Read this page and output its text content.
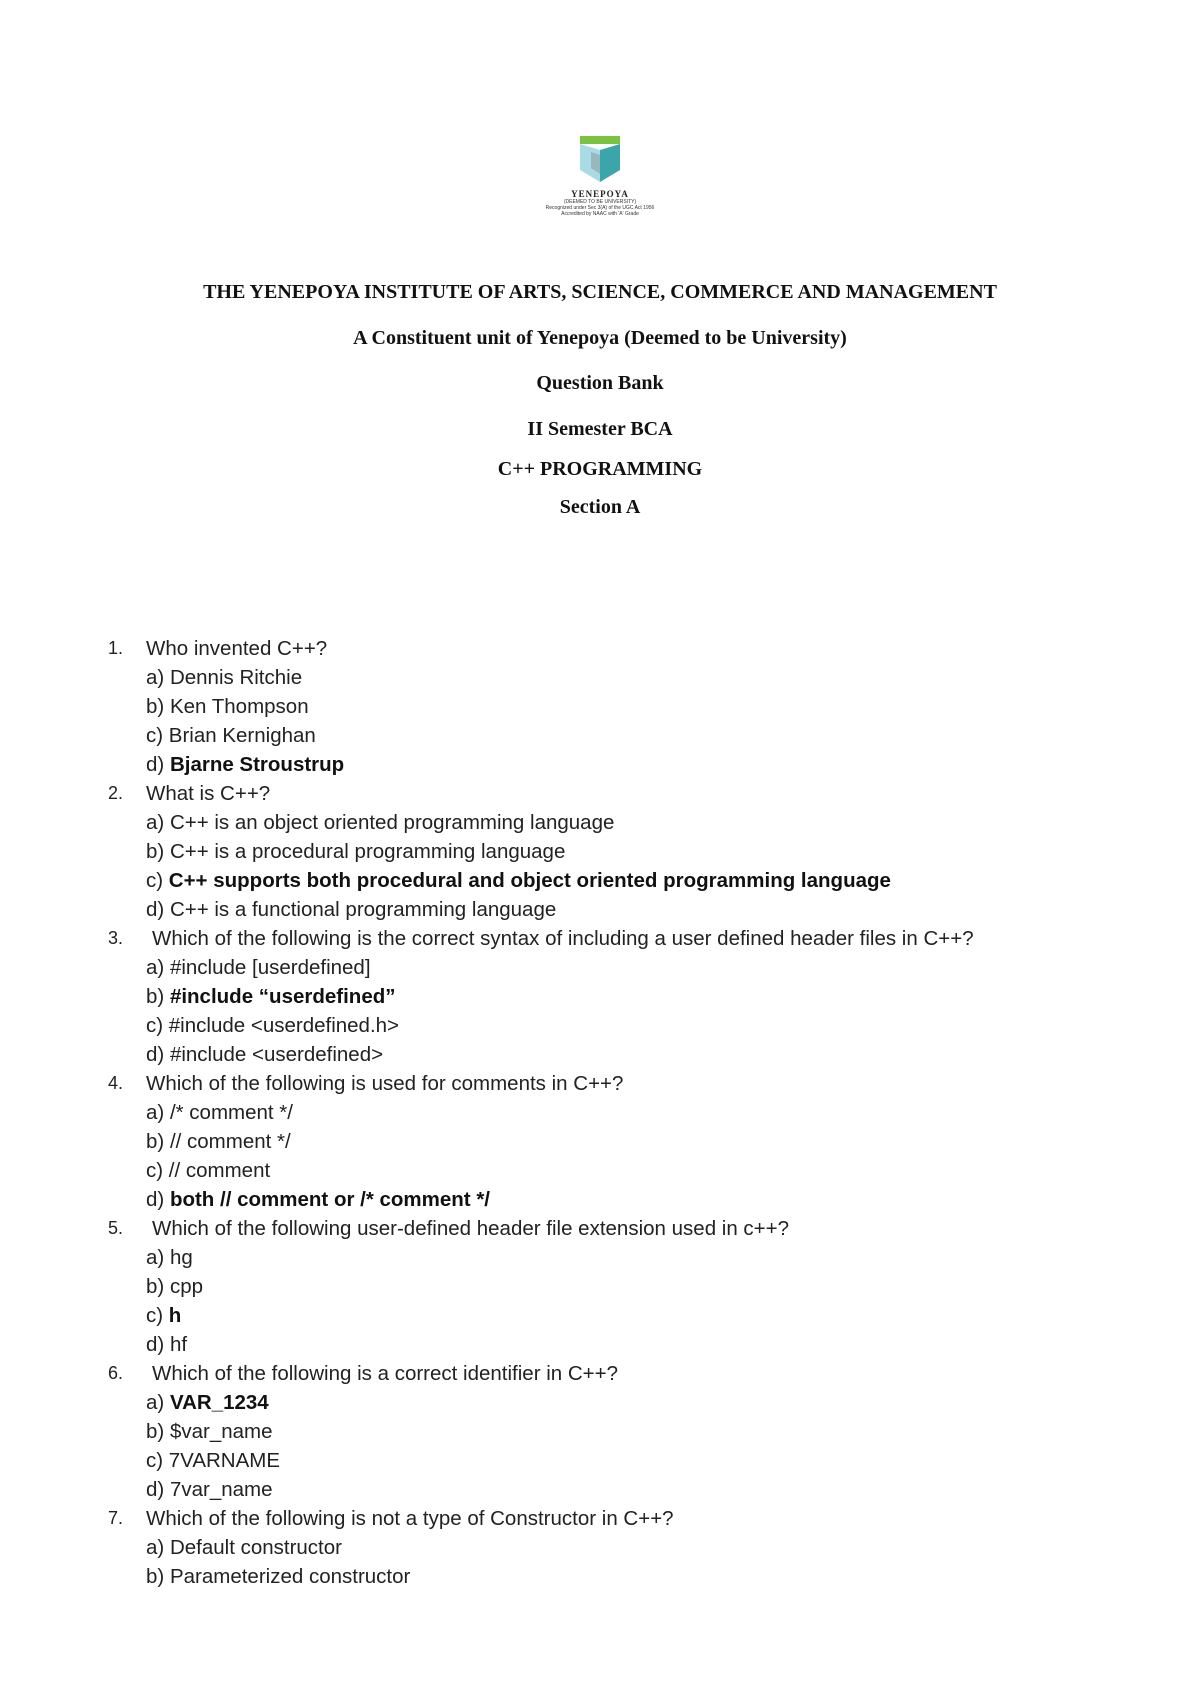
YENEPOYA
(DEEMED TO BE UNIVERSITY)
Recognized under Sec 3(A) of the UGC Act 1956
Accredited by NAAC with 'A' Grade
THE YENEPOYA INSTITUTE OF ARTS, SCIENCE, COMMERCE AND MANAGEMENT
A Constituent unit of Yenepoya (Deemed to be University)
Question Bank
II Semester BCA
C++ PROGRAMMING
Section A
1. Who invented C++?
a) Dennis Ritchie
b) Ken Thompson
c) Brian Kernighan
d) Bjarne Stroustrup
2. What is C++?
a) C++ is an object oriented programming language
b) C++ is a procedural programming language
c) C++ supports both procedural and object oriented programming language
d) C++ is a functional programming language
3. Which of the following is the correct syntax of including a user defined header files in C++?
a) #include [userdefined]
b) #include “userdefined”
c) #include <userdefined.h>
d) #include <userdefined>
4. Which of the following is used for comments in C++?
a) /* comment */
b) // comment */
c) // comment
d) both // comment or /* comment */
5. Which of the following user-defined header file extension used in c++?
a) hg
b) cpp
c) h
d) hf
6. Which of the following is a correct identifier in C++?
a) VAR_1234
b) $var_name
c) 7VARNAME
d) 7var_name
7. Which of the following is not a type of Constructor in C++?
a) Default constructor
b) Parameterized constructor
